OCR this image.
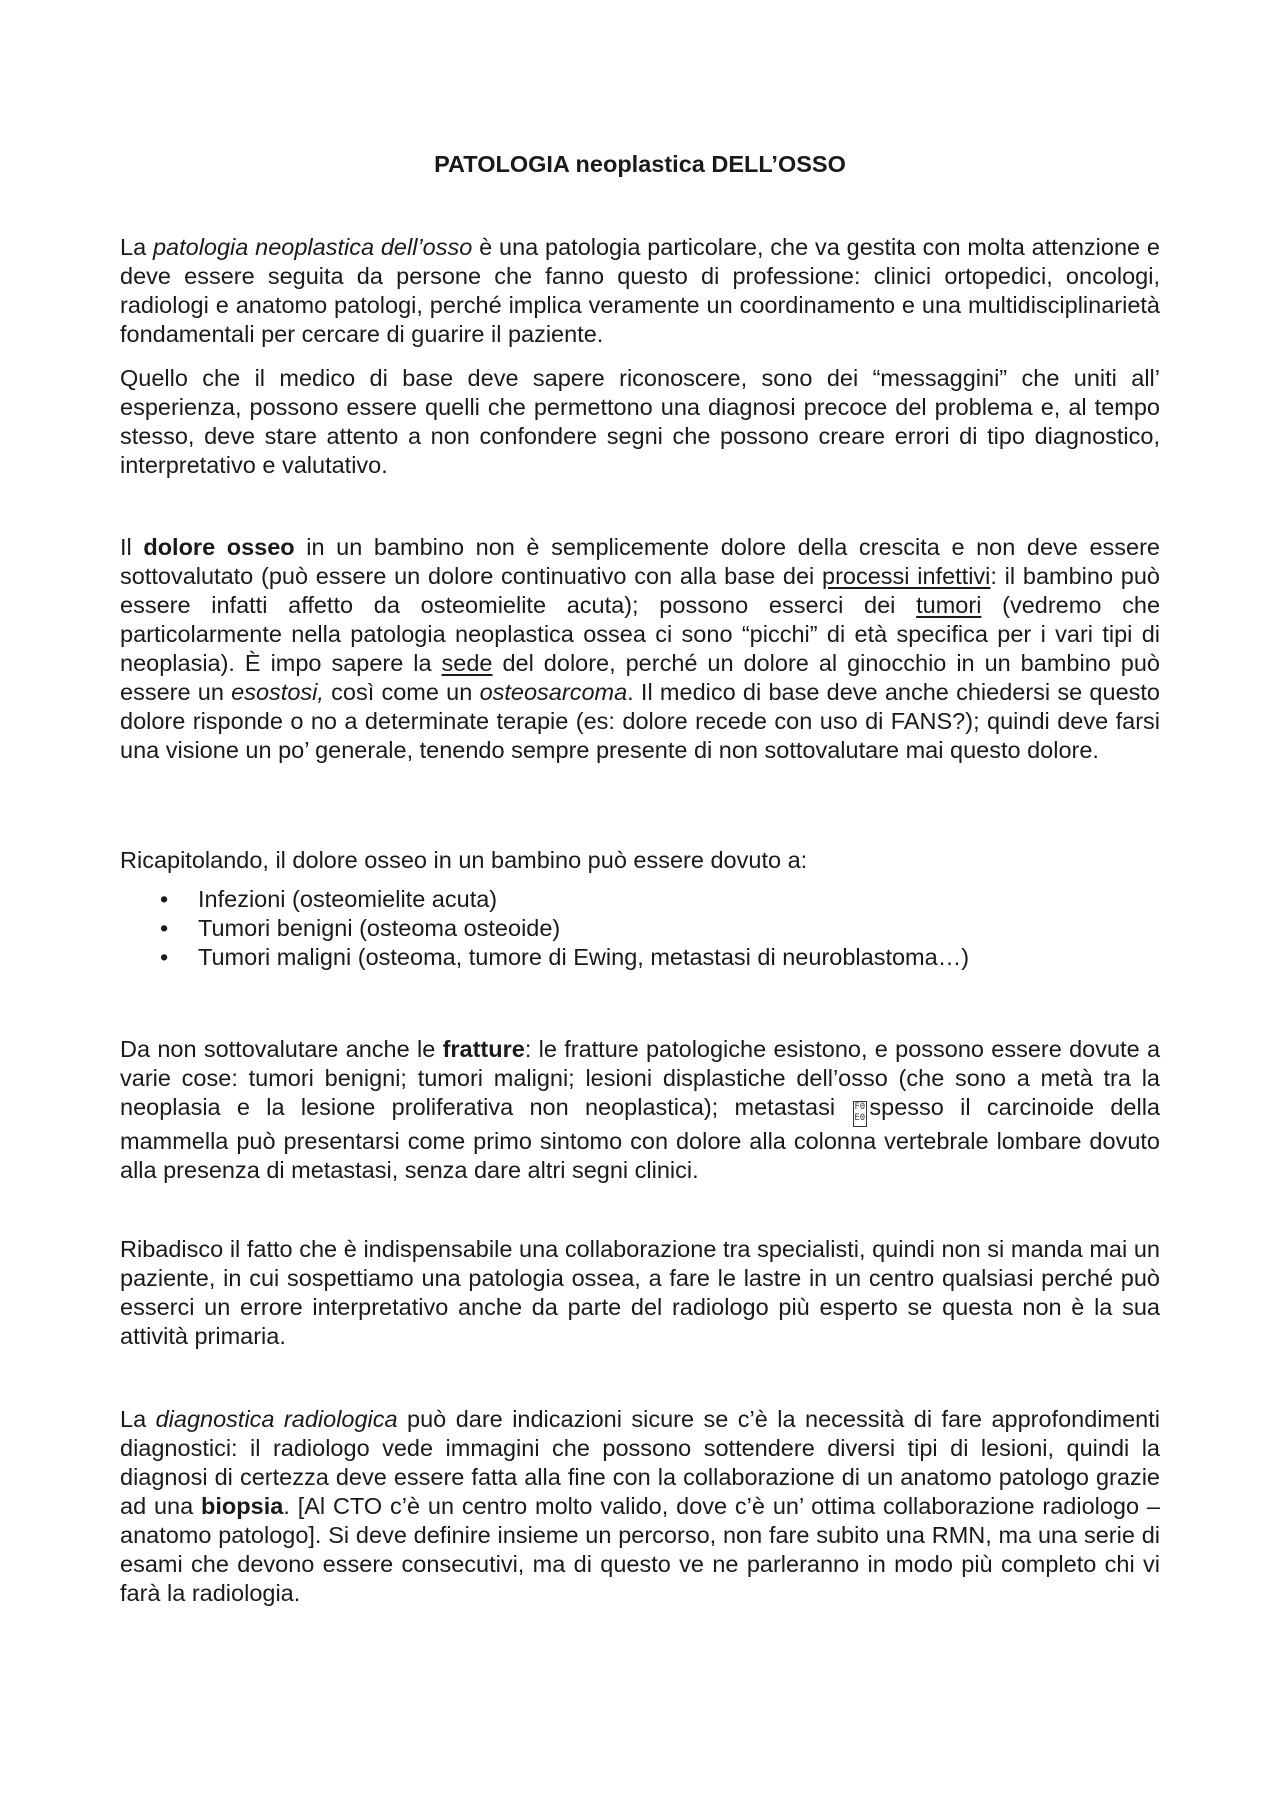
PATOLOGIA neoplastica DELL’OSSO

La patologia neoplastica dell’osso è una patologia particolare, che va gestita con molta attenzione e deve essere seguita da persone che fanno questo di professione: clinici ortopedici, oncologi, radiologi e anatomo patologi, perché implica veramente un coordinamento e una multidisciplinarietà fondamentali per cercare di guarire il paziente.

Quello che il medico di base deve sapere riconoscere, sono dei “messaggini” che uniti all’ esperienza, possono essere quelli che permettono una diagnosi precoce del problema e, al tempo stesso, deve stare attento a non confondere segni che possono creare errori di tipo diagnostico, interpretativo e valutativo.

Il dolore osseo in un bambino non è semplicemente dolore della crescita e non deve essere sottovalutato (può essere un dolore continuativo con alla base dei processi infettivi: il bambino può essere infatti affetto da osteomielite acuta); possono esserci dei tumori (vedremo che particolarmente nella patologia neoplastica ossea ci sono “picchi” di età specifica per i vari tipi di neoplasia). È impo sapere la sede del dolore, perché un dolore al ginocchio in un bambino può essere un esostosi, così come un osteosarcoma. Il medico di base deve anche chiedersi se questo dolore risponde o no a determinate terapie (es: dolore recede con uso di FANS?); quindi deve farsi una visione un po’ generale, tenendo sempre presente di non sottovalutare mai questo dolore.

Ricapitolando, il dolore osseo in un bambino può essere dovuto a:

• Infezioni (osteomielite acuta)
• Tumori benigni (osteoma osteoide)
• Tumori maligni (osteoma, tumore di Ewing, metastasi di neuroblastoma…)

Da non sottovalutare anche le fratture: le fratture patologiche esistono, e possono essere dovute a varie cose: tumori benigni; tumori maligni; lesioni displastiche dell’osso (che sono a metà tra la neoplasia e la lesione proliferativa non neoplastica); metastasi F0
E0 spesso il carcinoide della mammella può presentarsi come primo sintomo con dolore alla colonna vertebrale lombare dovuto alla presenza di metastasi, senza dare altri segni clinici.

Ribadisco il fatto che è indispensabile una collaborazione tra specialisti, quindi non si manda mai un paziente, in cui sospettiamo una patologia ossea, a fare le lastre in un centro qualsiasi perché può esserci un errore interpretativo anche da parte del radiologo più esperto se questa non è la sua attività primaria.

La diagnostica radiologica può dare indicazioni sicure se c’è la necessità di fare approfondimenti diagnostici: il radiologo vede immagini che possono sottendere diversi tipi di lesioni, quindi la diagnosi di certezza deve essere fatta alla fine con la collaborazione di un anatomo patologo grazie ad una biopsia. [Al CTO c’è un centro molto valido, dove c’è un’ ottima collaborazione radiologo – anatomo patologo]. Si deve definire insieme un percorso, non fare subito una RMN, ma una serie di esami che devono essere consecutivi, ma di questo ve ne parleranno in modo più completo chi vi farà la radiologia.
